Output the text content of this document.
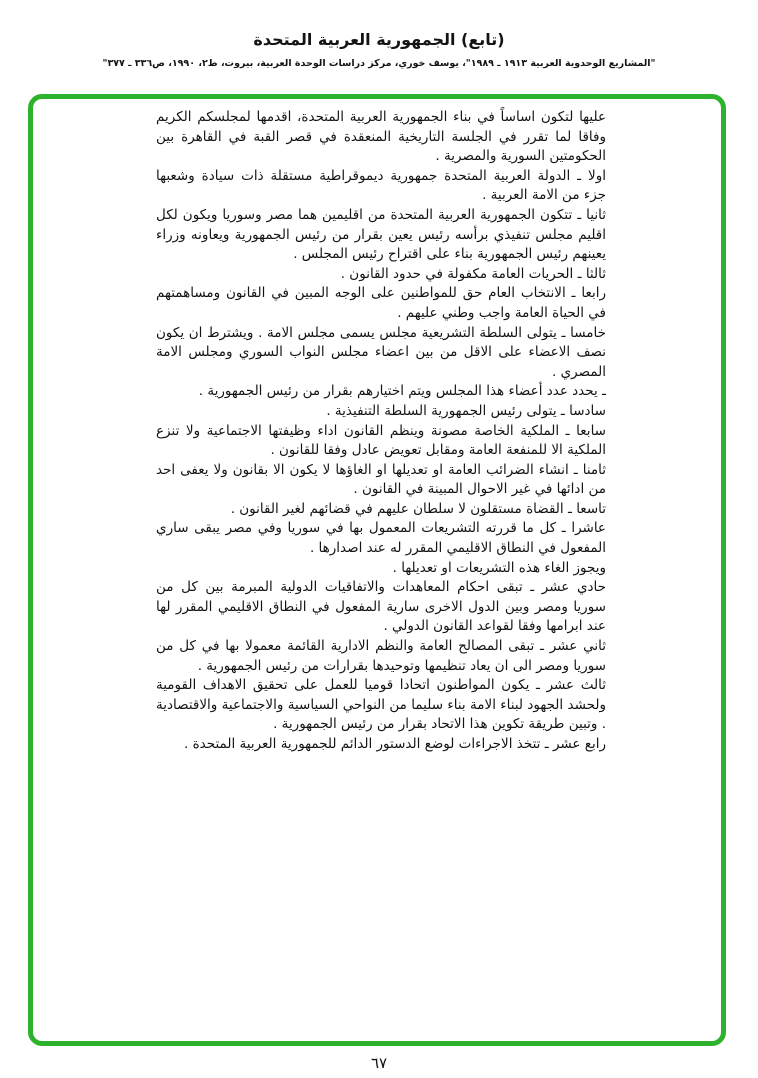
(تابع) الجمهورية العربية المتحدة

"المشاريع الوحدوية العربية ١٩١٣ ـ ١٩٨٩"، يوسف خوري، مركز دراسات الوحدة العربية، بيروت، ط٢، ١٩٩٠، ص٣٣٦ ـ ٣٧٧"

عليها لتكون اساساً في بناء الجمهورية العربية المتحدة، اقدمها لمجلسكم الكريم وفاقا لما تقرر في الجلسة التاريخية المنعقدة في قصر القبة في القاهرة بين الحكومتين السورية والمصرية .

اولا ـ الدولة العربية المتحدة جمهورية ديموقراطية مستقلة ذات سيادة وشعبها جزء من الامة العربية .

ثانيا ـ تتكون الجمهورية العربية المتحدة من اقليمين هما مصر وسوريا ويكون لكل اقليم مجلس تنفيذي برأسه رئيس يعين بقرار من رئيس الجمهورية ويعاونه وزراء يعينهم رئيس الجمهورية بناء على اقتراح رئيس المجلس .

ثالثا ـ الحريات العامة مكفولة في حدود القانون .

رابعا ـ الانتخاب العام حق للمواطنين على الوجه المبين في القانون ومساهمتهم في الحياة العامة واجب وطني عليهم .

خامسا ـ يتولى السلطة التشريعية مجلس يسمى مجلس الامة . ويشترط ان يكون نصف الاعضاء على الاقل من بين اعضاء مجلس النواب السوري ومجلس الامة المصري .

ـ يحدد عدد أعضاء هذا المجلس ويتم اختيارهم بقرار من رئيس الجمهورية .

سادسا ـ يتولى رئيس الجمهورية السلطة التنفيذية .

سابعا ـ الملكية الخاصة مصونة وينظم القانون اداء وظيفتها الاجتماعية ولا تنزع الملكية الا للمنفعة العامة ومقابل تعويض عادل وفقا للقانون .

ثامنا ـ انشاء الضرائب العامة او تعديلها او الغاؤها لا يكون الا بقانون ولا يعفى احد من ادائها في غير الاحوال المبينة في القانون .

تاسعا ـ القضاة مستقلون لا سلطان عليهم في قضائهم لغير القانون .

عاشرا ـ كل ما قررته التشريعات المعمول بها في سوريا وفي مصر يبقى ساري المفعول في النطاق الاقليمي المقرر له عند اصدارها .

ويجوز الغاء هذه التشريعات او تعديلها .

حادي عشر ـ تبقى احكام المعاهدات والاتفاقيات الدولية المبرمة بين كل من سوريا ومصر وبين الدول الاخرى سارية المفعول في النطاق الاقليمي المقرر لها عند ابرامها وفقا لقواعد القانون الدولي .

ثاني عشر ـ تبقى المصالح العامة والنظم الادارية القائمة معمولا بها في كل من سوريا ومصر الى ان يعاد تنظيمها وتوحيدها بقرارات من رئيس الجمهورية .

ثالث عشر ـ يكون المواطنون اتحادا قوميا للعمل على تحقيق الاهداف القومية ولحشد الجهود لبناء الامة بناء سليما من النواحي السياسية والاجتماعية والاقتصادية . وتبين طريقة تكوين هذا الاتحاد بقرار من رئيس الجمهورية .

رابع عشر ـ تتخذ الاجراءات لوضع الدستور الدائم للجمهورية العربية المتحدة .

٦٧
